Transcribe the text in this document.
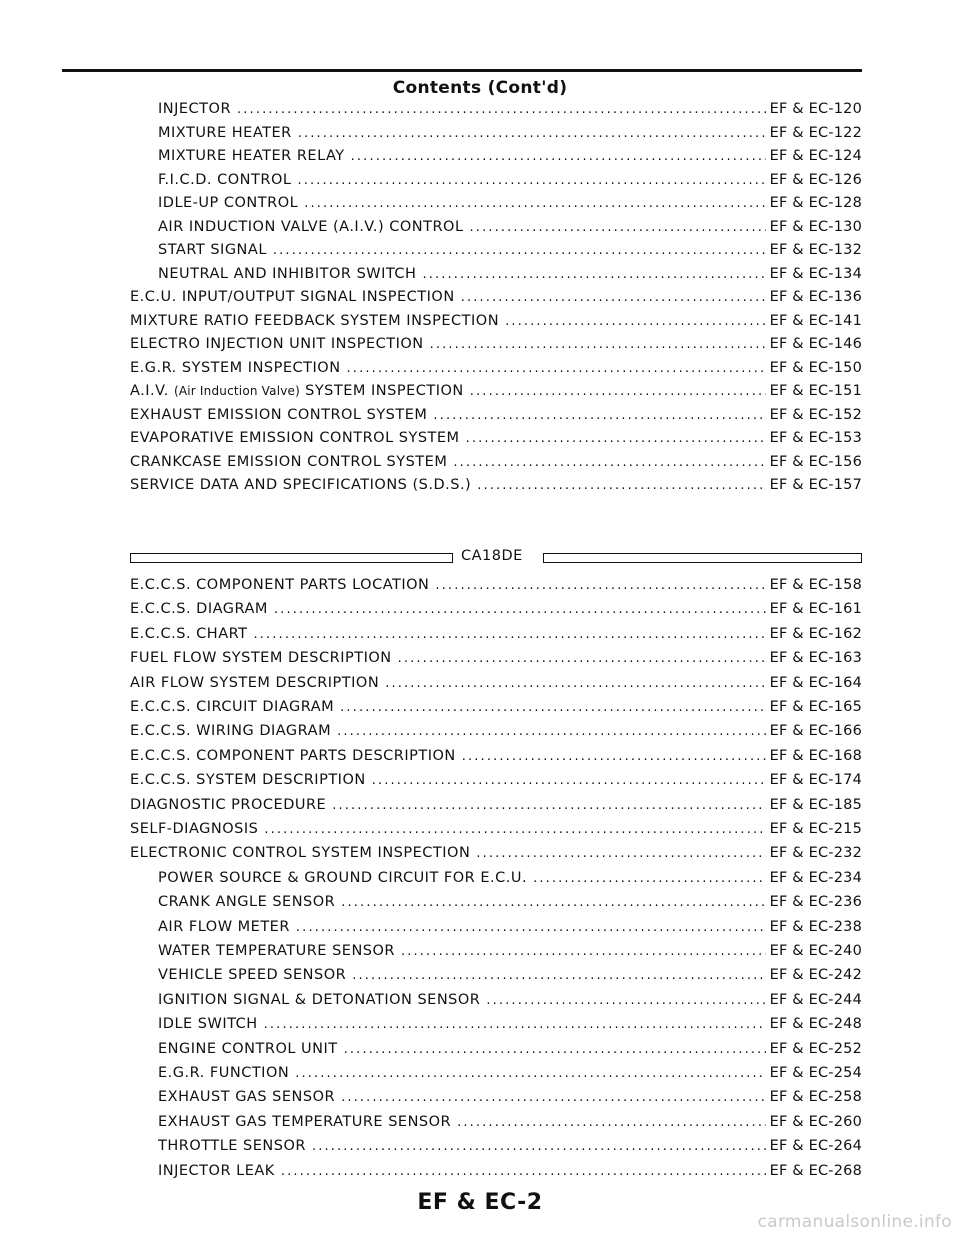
Contents (Cont'd)
INJECTOR . . .	EF & EC-120
MIXTURE HEATER . . .	EF & EC-122
MIXTURE HEATER RELAY . . .	EF & EC-124
F.I.C.D. CONTROL . . .	EF & EC-126
IDLE-UP CONTROL . . .	EF & EC-128
AIR INDUCTION VALVE (A.I.V.) CONTROL . . .	EF & EC-130
START SIGNAL . . .	EF & EC-132
NEUTRAL AND INHIBITOR SWITCH . . .	EF & EC-134
E.C.U. INPUT/OUTPUT SIGNAL INSPECTION . . .	EF & EC-136
MIXTURE RATIO FEEDBACK SYSTEM INSPECTION . . .	EF & EC-141
ELECTRO INJECTION UNIT INSPECTION . . .	EF & EC-146
E.G.R. SYSTEM INSPECTION . . .	EF & EC-150
A.I.V. (Air Induction Valve) SYSTEM INSPECTION . . .	EF & EC-151
EXHAUST EMISSION CONTROL SYSTEM . . .	EF & EC-152
EVAPORATIVE EMISSION CONTROL SYSTEM . . .	EF & EC-153
CRANKCASE EMISSION CONTROL SYSTEM . . .	EF & EC-156
SERVICE DATA AND SPECIFICATIONS (S.D.S.) . . .	EF & EC-157
CA18DE
E.C.C.S. COMPONENT PARTS LOCATION . . .	EF & EC-158
E.C.C.S. DIAGRAM . . .	EF & EC-161
E.C.C.S. CHART . . .	EF & EC-162
FUEL FLOW SYSTEM DESCRIPTION . . .	EF & EC-163
AIR FLOW SYSTEM DESCRIPTION . . .	EF & EC-164
E.C.C.S. CIRCUIT DIAGRAM . . .	EF & EC-165
E.C.C.S. WIRING DIAGRAM . . .	EF & EC-166
E.C.C.S. COMPONENT PARTS DESCRIPTION . . .	EF & EC-168
E.C.C.S. SYSTEM DESCRIPTION . . .	EF & EC-174
DIAGNOSTIC PROCEDURE . . .	EF & EC-185
SELF-DIAGNOSIS . . .	EF & EC-215
ELECTRONIC CONTROL SYSTEM INSPECTION . . .	EF & EC-232
POWER SOURCE & GROUND CIRCUIT FOR E.C.U. . . .	EF & EC-234
CRANK ANGLE SENSOR . . .	EF & EC-236
AIR FLOW METER . . .	EF & EC-238
WATER TEMPERATURE SENSOR . . .	EF & EC-240
VEHICLE SPEED SENSOR . . .	EF & EC-242
IGNITION SIGNAL & DETONATION SENSOR . . .	EF & EC-244
IDLE SWITCH . . .	EF & EC-248
ENGINE CONTROL UNIT . . .	EF & EC-252
E.G.R. FUNCTION . . .	EF & EC-254
EXHAUST GAS SENSOR . . .	EF & EC-258
EXHAUST GAS TEMPERATURE SENSOR . . .	EF & EC-260
THROTTLE SENSOR . . .	EF & EC-264
INJECTOR LEAK . . .	EF & EC-268
EF & EC-2
carmanualsonline.info
